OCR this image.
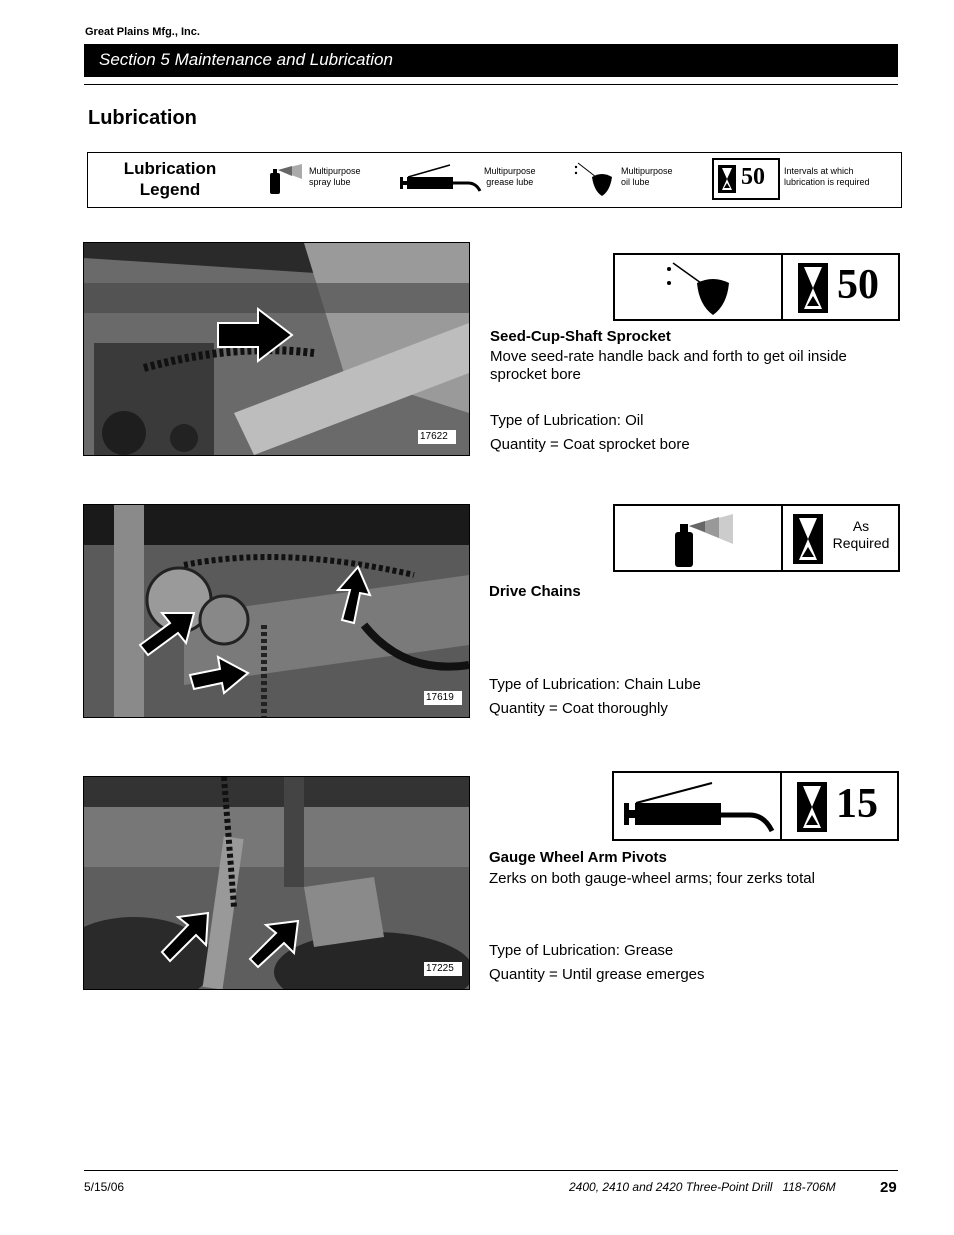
Great Plains Mfg., Inc.
Section 5 Maintenance and Lubrication
Lubrication
Lubrication
Legend
Multipurpose
spray lube
Multipurpose
grease lube
Multipurpose
oil lube	50 Intervals at which
lubrication is required
17622
50
Seed-Cup-Shaft Sprocket
Move seed-rate handle back and forth to get oil inside sprocket bore
Type of Lubrication: Oil
Quantity = Coat sprocket bore
17619
As
Required
Drive Chains
Type of Lubrication: Chain Lube
Quantity = Coat thoroughly
17225
15
Gauge Wheel Arm Pivots
Zerks on both gauge-wheel arms; four zerks total
Type of Lubrication: Grease
Quantity = Until grease emerges
5/15/06	2400, 2410 and 2420 Three-Point Drill   118-706M	29
